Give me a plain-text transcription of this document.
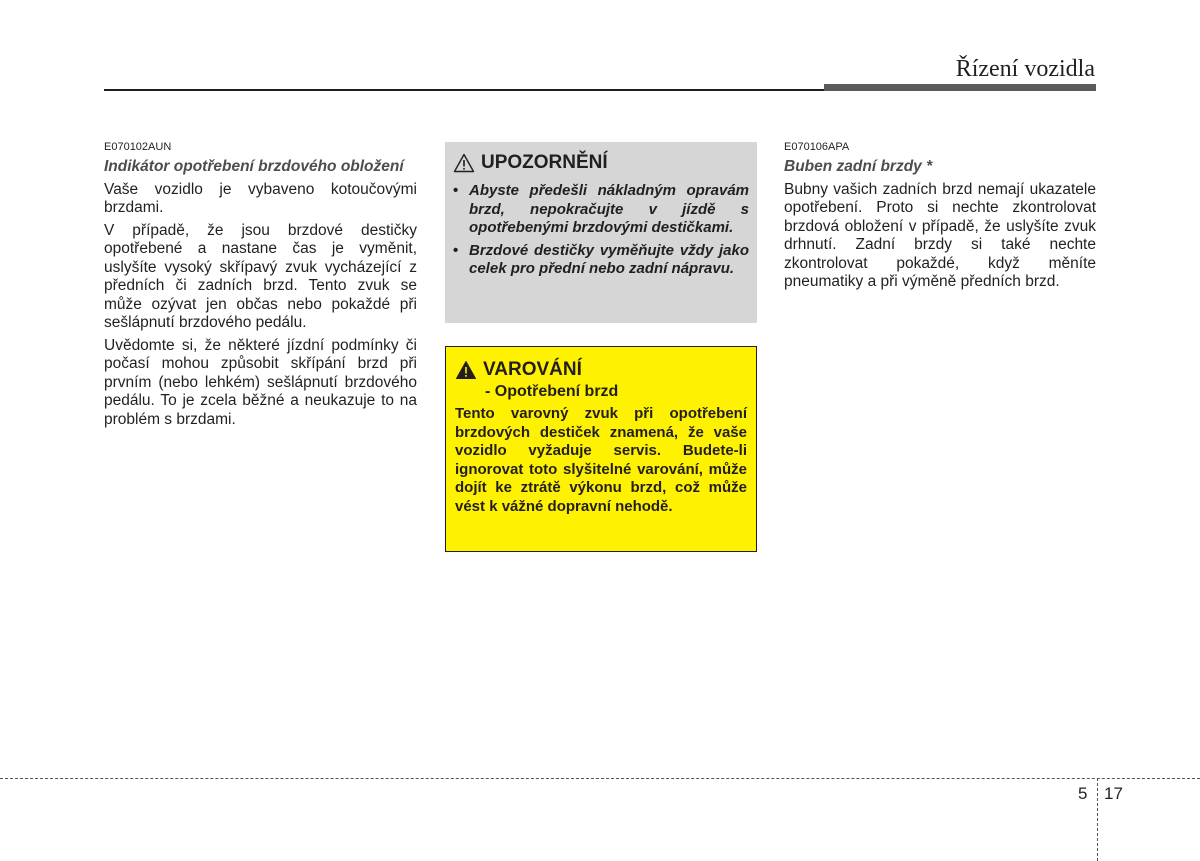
Řízení vozidla
E070102AUN
Indikátor opotřebení brzdového obložení

Vaše vozidlo je vybaveno kotoučovými brzdami.

V případě, že jsou brzdové destičky opotřebené a nastane čas je vyměnit, uslyšíte vysoký skřípavý zvuk vycházející z předních či zadních brzd. Tento zvuk se může ozývat jen občas nebo pokaždé při sešlápnutí brzdového pedálu.

Uvědomte si, že některé jízdní podmínky či počasí mohou způsobit skřípání brzd při prvním (nebo lehkém) sešlápnutí brzdového pedálu. To je zcela běžné a neukazuje to na problém s brzdami.

UPOZORNĚNÍ
• Abyste předešli nákladným opravám brzd, nepokračujte v jízdě s opotřebenými brzdovými destičkami.
• Brzdové destičky vyměňujte vždy jako celek pro přední nebo zadní nápravu.
VAROVÁNÍ
- Opotřebení brzd
Tento varovný zvuk při opotřebení brzdových destiček znamená, že vaše vozidlo vyžaduje servis. Budete-li ignorovat toto slyšitelné varování, může dojít ke ztrátě výkonu brzd, což může vést k vážné dopravní nehodě.
E070106APA
Buben zadní brzdy *

Bubny vašich zadních brzd nemají ukazatele opotřebení. Proto si nechte zkontrolovat brzdová obložení v případě, že uslyšíte zvuk drhnutí. Zadní brzdy si také nechte zkontrolovat pokaždé, když měníte pneumatiky a při výměně předních brzd.

5 17
